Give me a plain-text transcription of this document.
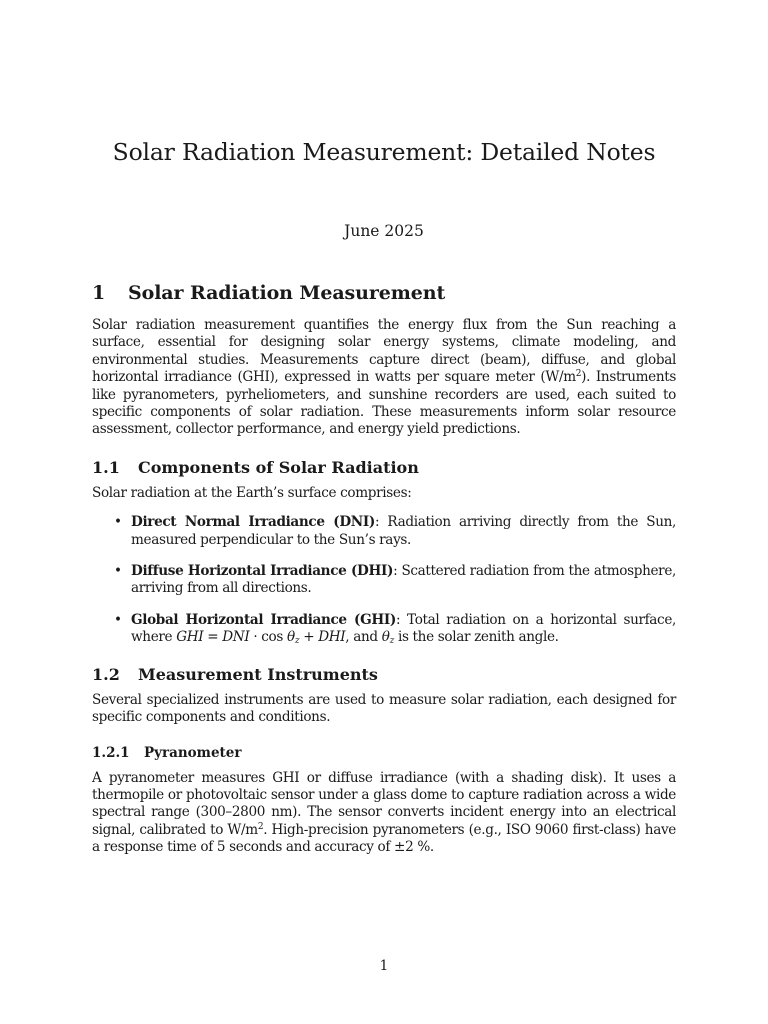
Solar Radiation Measurement: Detailed Notes
June 2025
1 Solar Radiation Measurement

Solar radiation measurement quantifies the energy flux from the Sun reaching a surface, essential for designing solar energy systems, climate modeling, and environmental studies. Measurements capture direct (beam), diffuse, and global horizontal irradiance (GHI), expressed in watts per square meter $(W/m^2)$. Instruments like pyranometers, pyrheliometers, and sunshine recorders are used, each suited to specific components of solar radiation. These measurements inform solar resource assessment, collector performance, and energy yield predictions.

1.1 Components of Solar Radiation

Solar radiation at the Earth’s surface comprises:

• Direct Normal Irradiance (DNI): Radiation arriving directly from the Sun, measured perpendicular to the Sun’s rays.
• Diffuse Horizontal Irradiance (DHI): Scattered radiation from the atmosphere, arriving from all directions.
• Global Horizontal Irradiance (GHI): Total radiation on a horizontal surface, where GHI = DNI · $\cos \theta_z$ + DHI, and $\theta_z$ is the solar zenith angle.
1.2 Measurement Instruments

Several specialized instruments are used to measure solar radiation, each designed for specific components and conditions.

1.2.1 Pyranometer

A pyranometer measures GHI or diffuse irradiance (with a shading disk). It uses a thermopile or photovoltaic sensor under a glass dome to capture radiation across a wide spectral range (300–2800 nm). The sensor converts incident energy into an electrical signal, calibrated to $W/m^2$. High-precision pyranometers (e.g., ISO 9060 first-class) have a response time of 5 seconds and accuracy of ±2 %.

1
